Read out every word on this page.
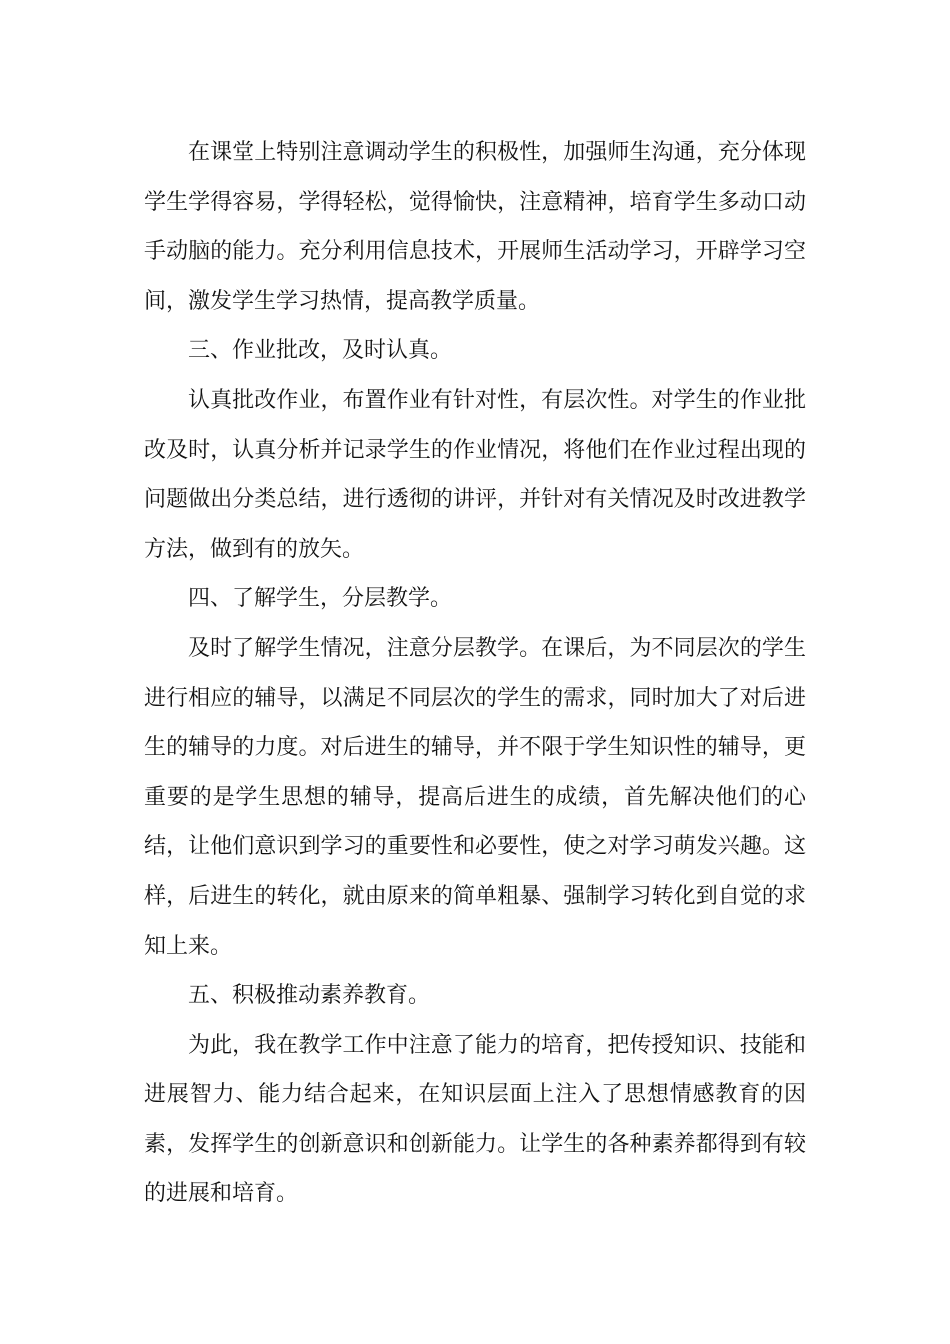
在课堂上特别注意调动学生的积极性，加强师生沟通，充分体现学生学得容易，学得轻松，觉得愉快，注意精神，培育学生多动口动手动脑的能力。充分利用信息技术，开展师生活动学习，开辟学习空间，激发学生学习热情，提高教学质量。

三、作业批改，及时认真。

认真批改作业，布置作业有针对性，有层次性。对学生的作业批改及时，认真分析并记录学生的作业情况，将他们在作业过程出现的问题做出分类总结，进行透彻的讲评，并针对有关情况及时改进教学方法，做到有的放矢。

四、了解学生，分层教学。

及时了解学生情况，注意分层教学。在课后，为不同层次的学生进行相应的辅导，以满足不同层次的学生的需求，同时加大了对后进生的辅导的力度。对后进生的辅导，并不限于学生知识性的辅导，更重要的是学生思想的辅导，提高后进生的成绩，首先解决他们的心结，让他们意识到学习的重要性和必要性，使之对学习萌发兴趣。这样，后进生的转化，就由原来的简单粗暴、强制学习转化到自觉的求知上来。

五、积极推动素养教育。

为此，我在教学工作中注意了能力的培育，把传授知识、技能和进展智力、能力结合起来，在知识层面上注入了思想情感教育的因素，发挥学生的创新意识和创新能力。让学生的各种素养都得到有较的进展和培育。
